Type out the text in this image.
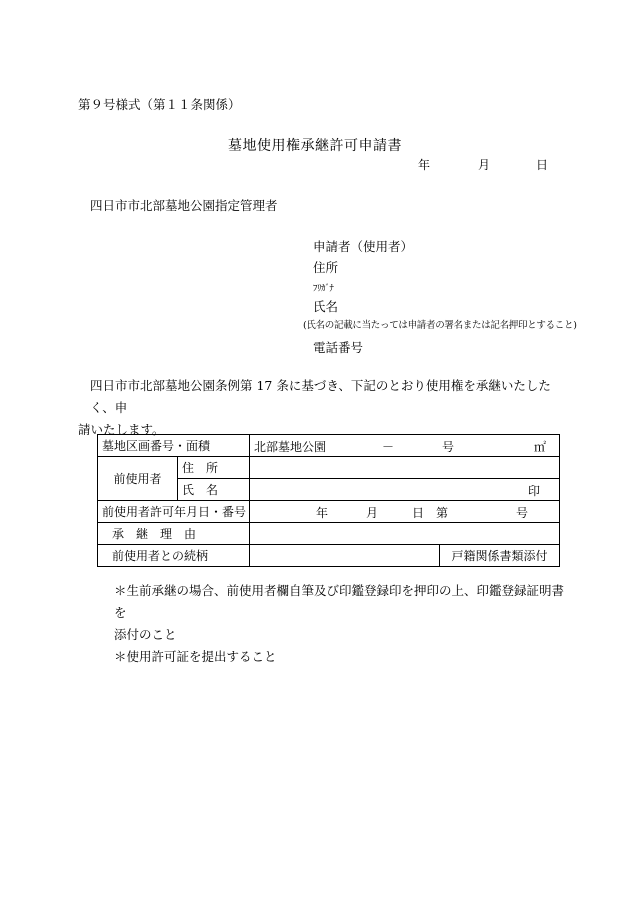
第９号様式（第１１条関係）
墓地使用権承継許可申請書
年	月	日
四日市市北部墓地公園指定管理者
申請者（使用者）
住所
ﾌﾘｶﾞﾅ
氏名
(氏名の記載に当たっては申請者の署名または記名押印とすること)
電話番号
四日市市北部墓地公園条例第 17 条に基づき、下記のとおり使用権を承継いたしたく、申
請いたします。
墓地区画番号・面積		北部墓地公園 － 号 ㎡	

前使用者	住　所		
	氏　名	印	

前使用者許可年月日・番号		年 月 日 第 号	

承　継　理　由			
前使用者との続柄			戸籍関係書類添付
＊生前承継の場合、前使用者欄自筆及び印鑑登録印を押印の上、印鑑登録証明書を
添付のこと
＊使用許可証を提出すること
